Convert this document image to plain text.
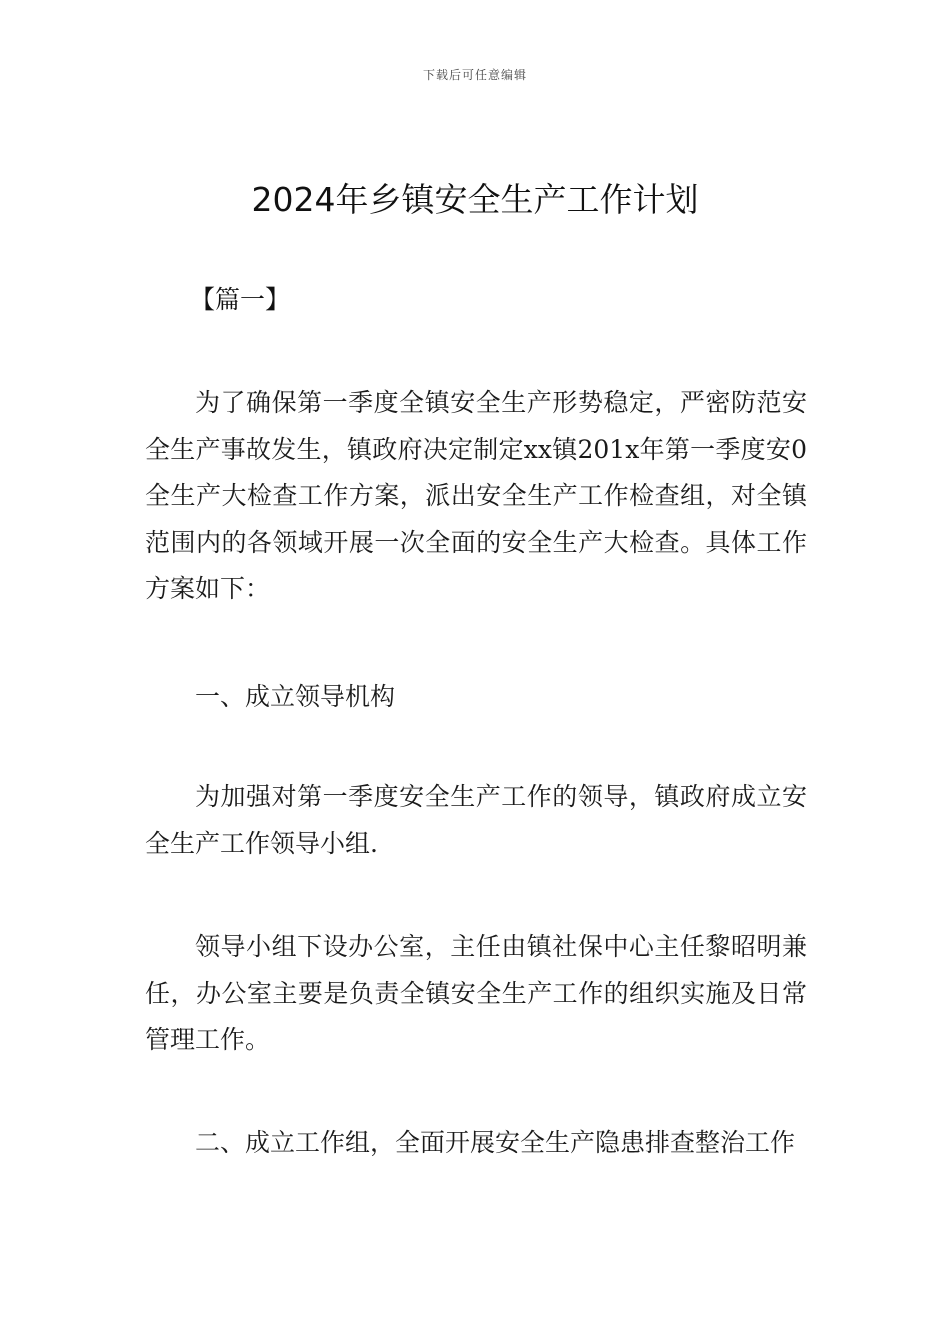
下载后可任意编辑
2024年乡镇安全生产工作计划
【篇一】

为了确保第一季度全镇安全生产形势稳定，严密防范安全生产事故发生，镇政府决定制定xx镇201x年第一季度安0全生产大检查工作方案，派出安全生产工作检查组，对全镇范围内的各领域开展一次全面的安全生产大检查。具体工作方案如下：

一、成立领导机构

为加强对第一季度安全生产工作的领导，镇政府成立安全生产工作领导小组.

领导小组下设办公室，主任由镇社保中心主任黎昭明兼任，办公室主要是负责全镇安全生产工作的组织实施及日常管理工作。

二、成立工作组，全面开展安全生产隐患排查整治工作
